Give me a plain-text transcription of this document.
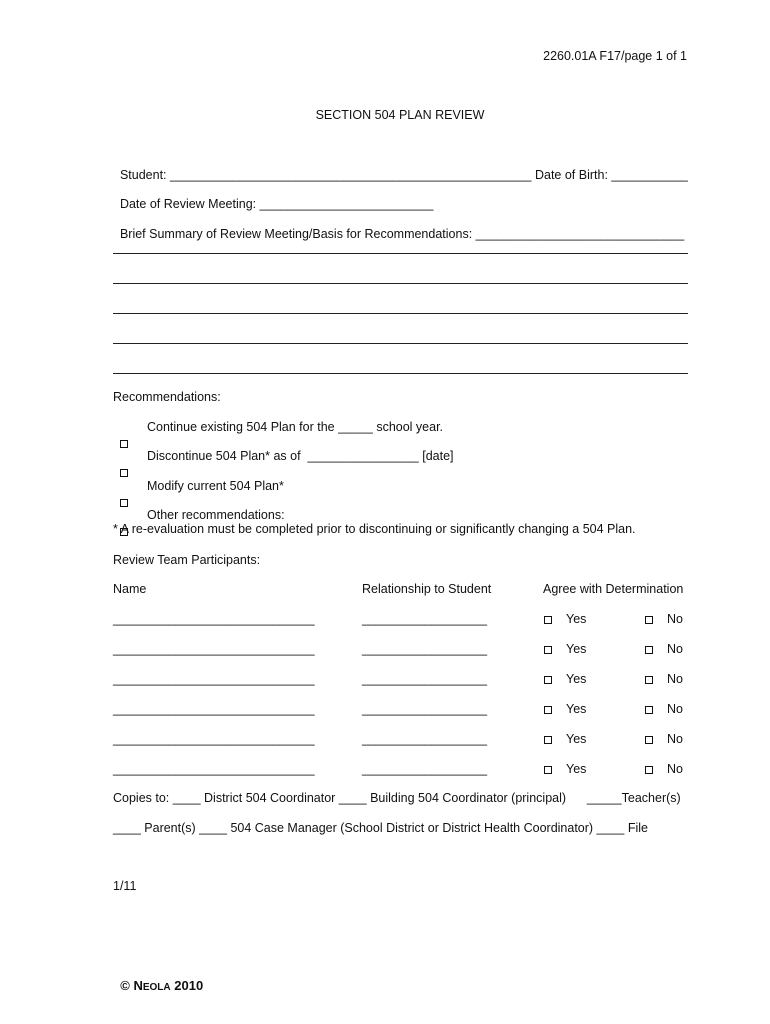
2260.01A F17/page 1 of 1
SECTION 504 PLAN REVIEW

Student: ____________________________________________________ Date of Birth: ___________

Date of Review Meeting: _________________________

Brief Summary of Review Meeting/Basis for Recommendations: ______________________________

Recommendations:

Continue existing 504 Plan for the _____ school year.

Discontinue 504 Plan* as of  ________________ [date]

Modify current 504 Plan*

Other recommendations:
* A re-evaluation must be completed prior to discontinuing or significantly changing a 504 Plan.
Review Team Participants:
Name	Relationship to Student	Agree with Determination
_____________________________	__________________	Yes	No
_____________________________	__________________	Yes	No
_____________________________	__________________	Yes	No
_____________________________	__________________	Yes	No
_____________________________	__________________	Yes	No
_____________________________	__________________	Yes	No
Copies to: ____ District 504 Coordinator ____ Building 504 Coordinator (principal)      _____Teacher(s)
____ Parent(s) ____ 504 Case Manager (School District or District Health Coordinator) ____ File
1/11

© NEOLA 2010
